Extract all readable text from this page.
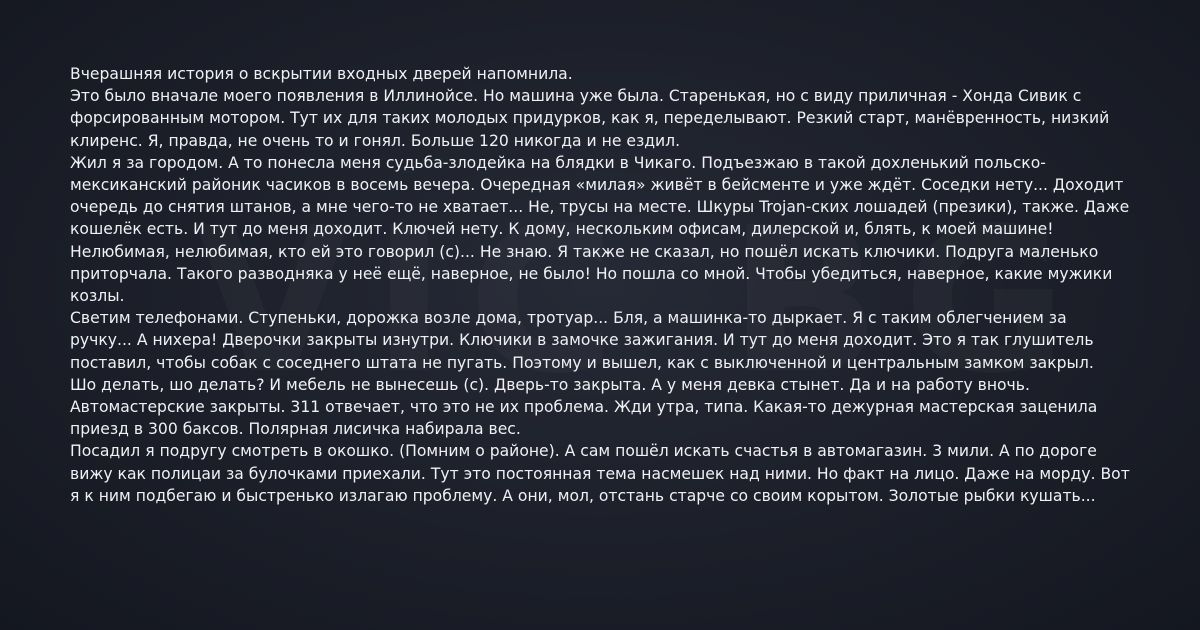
Вчерашняя история о вскрытии входных дверей напомнила.

Это было вначале моего появления в Иллинойсе. Но машина уже была. Старенькая, но с виду приличная - Хонда Сивик с форсированным мотором. Тут их для таких молодых придурков, как я, переделывают. Резкий старт, манёвренность, низкий клиренс. Я, правда, не очень то и гонял. Больше 120 никогда и не ездил.

Жил я за городом. А то понесла меня судьба-злодейка на блядки в Чикаго. Подъезжаю в такой дохленький польско-мексиканский районик часиков в восемь вечера. Очередная «милая» живёт в бейсменте и уже ждёт. Соседки нету... Доходит очередь до снятия штанов, а мне чего-то не хватает... Не, трусы на месте. Шкуры Trojan-ских лошадей (презики), также. Даже кошелёк есть. И тут до меня доходит. Ключей нету. К дому, нескольким офисам, дилерской и, блять, к моей машине!

Нелюбимая, нелюбимая, кто ей это говорил (c)... Не знаю. Я также не сказал, но пошёл искать ключики. Подруга маленько приторчала. Такого разводняка у неё ещё, наверное, не было! Но пошла со мной. Чтобы убедиться, наверное, какие мужики козлы.

Светим телефонами. Ступеньки, дорожка возле дома, тротуар... Бля, а машинка-то дыркает. Я с таким облегчением за ручку... А нихера! Дверочки закрыты изнутри. Ключики в замочке зажигания. И тут до меня доходит. Это я так глушитель поставил, чтобы собак с соседнего штата не пугать. Поэтому и вышел, как с выключенной и центральным замком закрыл.

Шо делать, шо делать? И мебель не вынесешь (c). Дверь-то закрыта. А у меня девка стынет. Да и на работу вночь. Автомастерские закрыты. 311 отвечает, что это не их проблема. Жди утра, типа. Какая-то дежурная мастерская заценила приезд в 300 баксов. Полярная лисичка набирала вес.

Посадил я подругу смотреть в окошко. (Помним о районе). А сам пошёл искать счастья в автомагазин. 3 мили. А по дороге вижу как полицаи за булочками приехали. Тут это постоянная тема насмешек над ними. Но факт на лицо. Даже на морду. Вот я к ним подбегаю и быстренько излагаю проблему. А они, мол, отстань старче со своим корытом. Золотые рыбки кушать...
